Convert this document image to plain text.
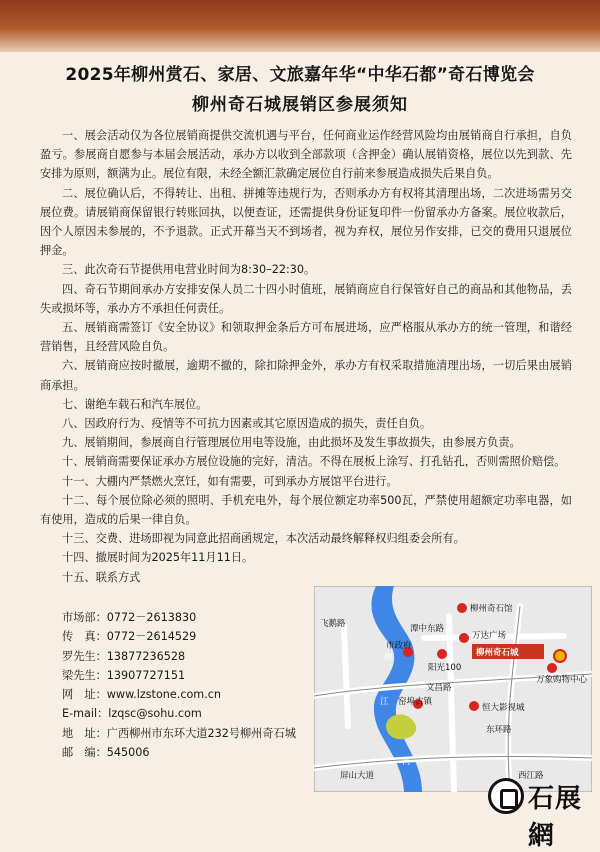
2025年柳州赏石、家居、文旅嘉年华“中华石都”奇石博览会
柳州奇石城展销区参展须知

一、展会活动仅为各位展销商提供交流机遇与平台，任何商业运作经营风险均由展销商自行承担，自负盈亏。参展商自愿参与本届会展活动，承办方以收到全部款项（含押金）确认展销资格，展位以先到款、先安排为原则，额满为止。展位有限，未经全额汇款确定展位自行前来参展造成损失后果自负。

二、展位确认后，不得转让、出租、拼摊等违规行为，否则承办方有权将其清理出场，二次进场需另交展位费。请展销商保留银行转账回执，以便查证，还需提供身份证复印件一份留承办方备案。展位收款后，因个人原因未参展的，不予退款。正式开幕当天不到场者，视为弃权，展位另作安排，已交的费用只退展位押金。

三、此次奇石节提供用电营业时间为8:30–22:30。

四、奇石节期间承办方安排安保人员二十四小时值班，展销商应自行保管好自己的商品和其他物品，丢失或损坏等，承办方不承担任何责任。

五、展销商需签订《安全协议》和领取押金条后方可布展进场，应严格服从承办方的统一管理，和谐经营销售，且经营风险自负。

六、展销商应按时撤展，逾期不撤的，除扣除押金外，承办方有权采取措施清理出场，一切后果由展销商承担。

七、谢绝车载石和汽车展位。

八、因政府行为、疫情等不可抗力因素或其它原因造成的损失，责任自负。

九、展销期间，参展商自行管理展位用电等设施，由此损坏及发生事故损失，由参展方负责。

十、展销商需要保证承办方展位设施的完好，清洁。不得在展板上涂写、打孔钻孔，否则需照价赔偿。

十一、大棚内严禁燃火烹饪，如有需要，可到承办方展馆平台进行。

十二、每个展位除必须的照明、手机充电外，每个展位额定功率500瓦，严禁使用超额定功率电器，如有使用，造成的后果一律自负。

十三、交费、进场即视为同意此招商函规定，本次活动最终解释权归组委会所有。

十四、撤展时间为2025年11月11日。

十五、联系方式

市场部：0772－2613830
传　真：0772－2614529
罗先生：13877236528
梁先生：13907727151
网　址：www.lzstone.com.cn
E-mail：lzqsc@sohu.com
地　址：广西柳州市东环大道232号柳州奇石城
邮　编：545006
柳州奇石馆
潭中东路
万达广场
柳州奇石城
市政府
阳光100
万象购物中心
文昌路
恒大影视城
窑埠古镇
柳
江
河
飞鹅路
东环路
屏山大道	西江路
石展網
